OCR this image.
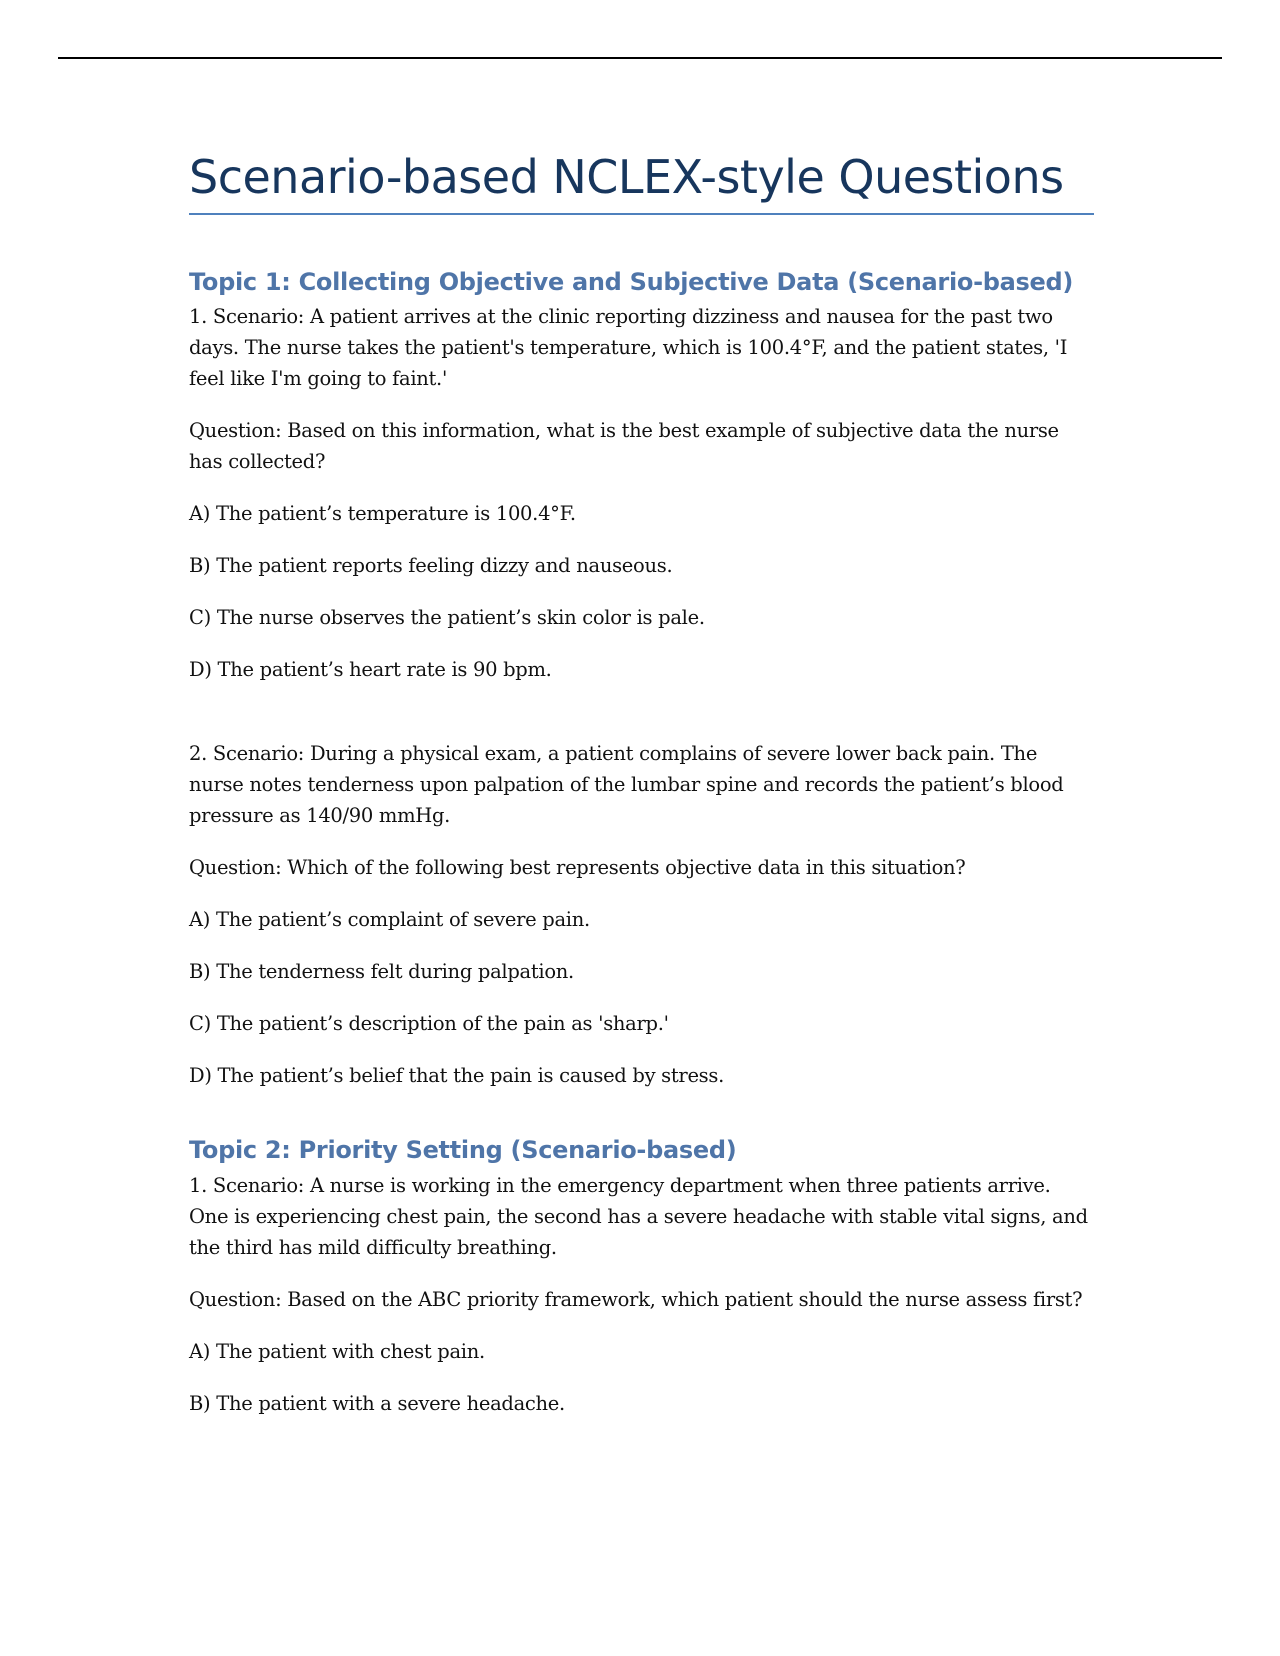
Scenario-based NCLEX-style Questions
Topic 1: Collecting Objective and Subjective Data (Scenario-based)

1. Scenario: A patient arrives at the clinic reporting dizziness and nausea for the past two days. The nurse takes the patient's temperature, which is 100.4°F, and the patient states, 'I feel like I'm going to faint.'

Question: Based on this information, what is the best example of subjective data the nurse has collected?

A) The patient’s temperature is 100.4°F.

B) The patient reports feeling dizzy and nauseous.

C) The nurse observes the patient’s skin color is pale.

D) The patient’s heart rate is 90 bpm.

2. Scenario: During a physical exam, a patient complains of severe lower back pain. The nurse notes tenderness upon palpation of the lumbar spine and records the patient’s blood pressure as 140/90 mmHg.

Question: Which of the following best represents objective data in this situation?

A) The patient’s complaint of severe pain.

B) The tenderness felt during palpation.

C) The patient’s description of the pain as 'sharp.'

D) The patient’s belief that the pain is caused by stress.

Topic 2: Priority Setting (Scenario-based)

1. Scenario: A nurse is working in the emergency department when three patients arrive. One is experiencing chest pain, the second has a severe headache with stable vital signs, and the third has mild difficulty breathing.

Question: Based on the ABC priority framework, which patient should the nurse assess first?

A) The patient with chest pain.

B) The patient with a severe headache.
